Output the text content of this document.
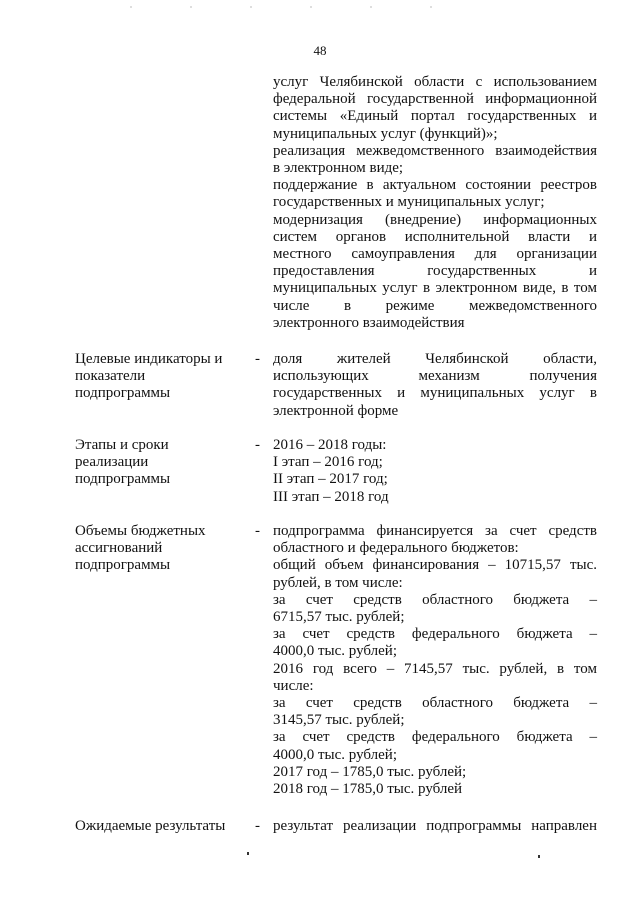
48
услуг Челябинской области с использованием
федеральной государственной информационной
системы «Единый портал государственных и
муниципальных услуг (функций)»;
реализация межведомственного взаимодействия
в электронном виде;
поддержание в актуальном состоянии реестров
государственных и муниципальных услуг;
модернизация (внедрение) информационных
систем органов исполнительной власти и
местного самоуправления для организации
предоставления государственных и
муниципальных услуг в электронном виде, в том
числе в режиме межведомственного
электронного взаимодействия
Целевые индикаторы и
показатели
подпрограммы
- доля жителей Челябинской области,
использующих механизм получения
государственных и муниципальных услуг в
электронной форме
Этапы и сроки
реализации
подпрограммы
- 2016 – 2018 годы:
I этап – 2016 год;
II этап – 2017 год;
III этап – 2018 год
Объемы бюджетных
ассигнований
подпрограммы
- подпрограмма финансируется за счет средств
областного и федерального бюджетов:
общий объем финансирования – 10715,57 тыс.
рублей, в том числе:
за счет средств областного бюджета –
6715,57 тыс. рублей;
за счет средств федерального бюджета –
4000,0 тыс. рублей;
2016 год всего – 7145,57 тыс. рублей, в том
числе:
за счет средств областного бюджета –
3145,57 тыс. рублей;
за счет средств федерального бюджета –
4000,0 тыс. рублей;
2017 год – 1785,0 тыс. рублей;
2018 год – 1785,0 тыс. рублей
Ожидаемые результаты	- результат реализации подпрограммы направлен
